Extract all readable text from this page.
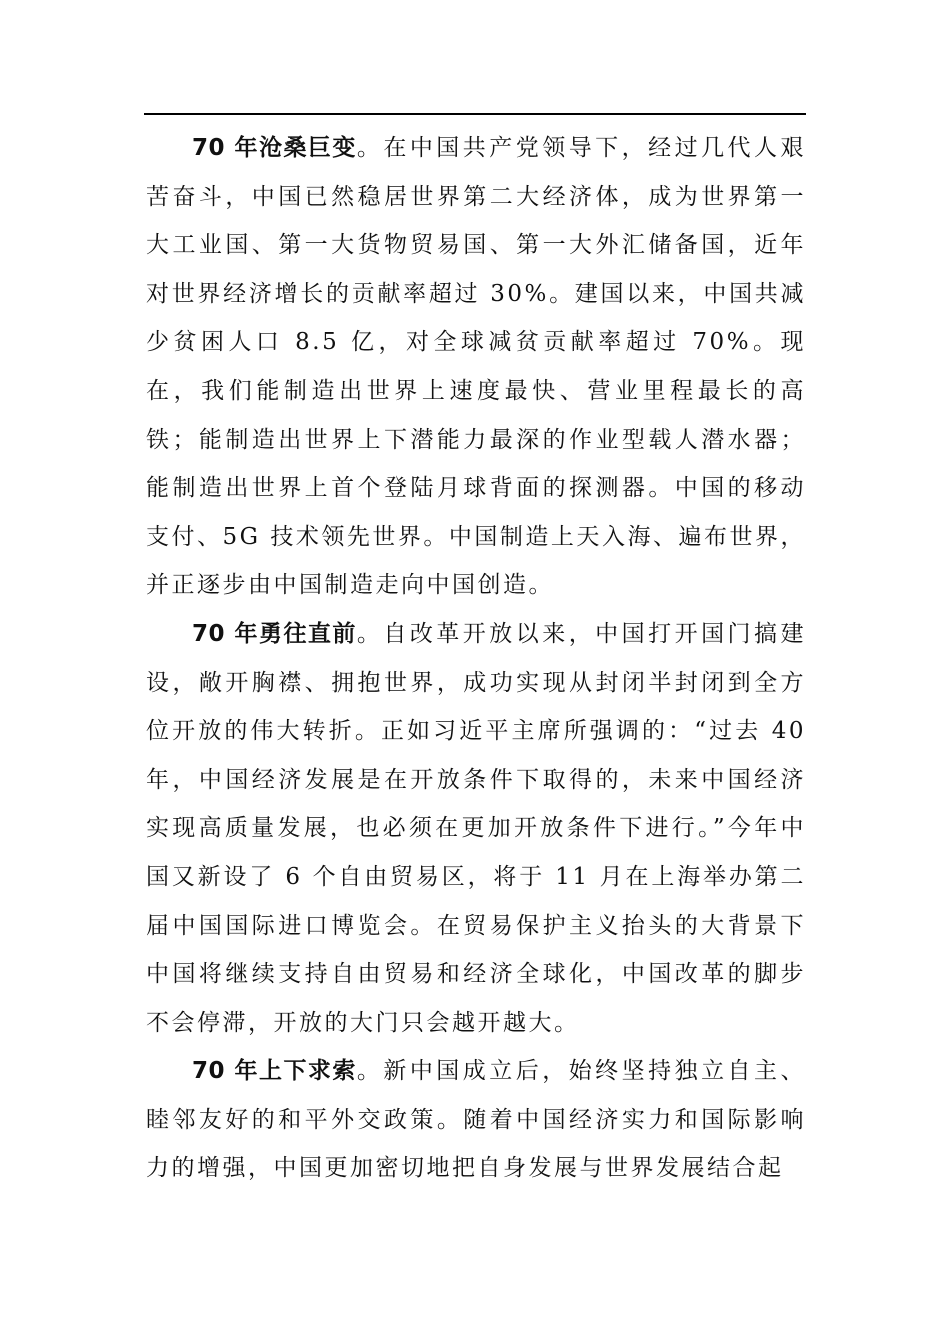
70 年沧桑巨变。在中国共产党领导下，经过几代人艰苦奋斗，中国已然稳居世界第二大经济体，成为世界第一大工业国、第一大货物贸易国、第一大外汇储备国，近年对世界经济增长的贡献率超过 30%。建国以来，中国共减少贫困人口 8.5 亿，对全球减贫贡献率超过 70%。现在，我们能制造出世界上速度最快、营业里程最长的高铁；能制造出世界上下潜能力最深的作业型载人潜水器；能制造出世界上首个登陆月球背面的探测器。中国的移动支付、5G 技术领先世界。中国制造上天入海、遍布世界，并正逐步由中国制造走向中国创造。

70 年勇往直前。自改革开放以来，中国打开国门搞建设，敞开胸襟、拥抱世界，成功实现从封闭半封闭到全方位开放的伟大转折。正如习近平主席所强调的：“过去 40 年，中国经济发展是在开放条件下取得的，未来中国经济实现高质量发展，也必须在更加开放条件下进行。”今年中国又新设了 6 个自由贸易区，将于 11 月在上海举办第二届中国国际进口博览会。在贸易保护主义抬头的大背景下中国将继续支持自由贸易和经济全球化，中国改革的脚步不会停滞，开放的大门只会越开越大。

70 年上下求索。新中国成立后，始终坚持独立自主、睦邻友好的和平外交政策。随着中国经济实力和国际影响力的增强，中国更加密切地把自身发展与世界发展结合起
